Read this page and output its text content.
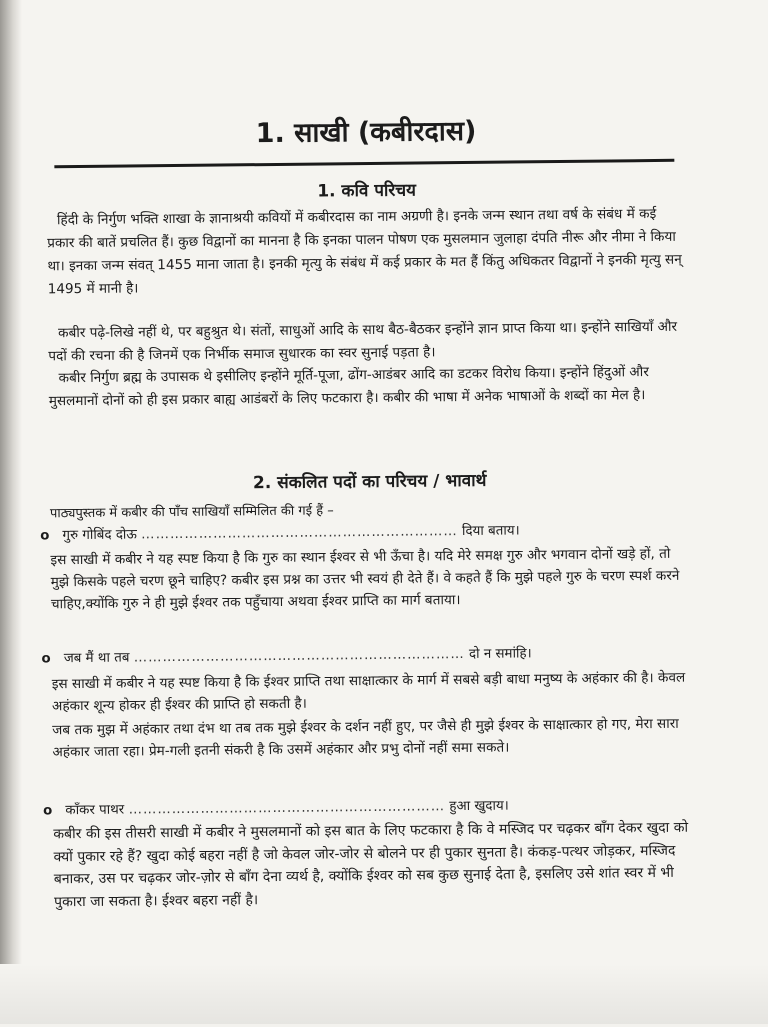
1. साखी (कबीरदास)
1. कवि परिचय

हिंदी के निर्गुण भक्ति शाखा के ज्ञानाश्रयी कवियों में कबीरदास का नाम अग्रणी है। इनके जन्म स्थान तथा वर्ष के संबंध में कई प्रकार की बातें प्रचलित हैं। कुछ विद्वानों का मानना है कि इनका पालन पोषण एक मुसलमान जुलाहा दंपति नीरू और नीमा ने किया था। इनका जन्म संवत् 1455 माना जाता है। इनकी मृत्यु के संबंध में कई प्रकार के मत हैं किंतु अधिकतर विद्वानों ने इनकी मृत्यु सन् 1495 में मानी है।

कबीर पढ़े-लिखे नहीं थे, पर बहुश्रुत थे। संतों, साधुओं आदि के साथ बैठ-बैठकर इन्होंने ज्ञान प्राप्त किया था। इन्होंने साखियाँ और पदों की रचना की है जिनमें एक निर्भीक समाज सुधारक का स्वर सुनाई पड़ता है।

कबीर निर्गुण ब्रह्म के उपासक थे इसीलिए इन्होंने मूर्ति-पूजा, ढोंग-आडंबर आदि का डटकर विरोध किया। इन्होंने हिंदुओं और मुसलमानों दोनों को ही इस प्रकार बाह्य आडंबरों के लिए फटकारा है। कबीर की भाषा में अनेक भाषाओं के शब्दों का मेल है।

2. संकलित पदों का परिचय / भावार्थ

पाठ्यपुस्तक में कबीर की पाँच साखियाँ सम्मिलित की गई हैं –

o गुरु गोबिंद दोऊ ………………………………………………………… दिया बताय।

इस साखी में कबीर ने यह स्पष्ट किया है कि गुरु का स्थान ईश्वर से भी ऊँचा है। यदि मेरे समक्ष गुरु और भगवान दोनों खड़े हों, तो मुझे किसके पहले चरण छूने चाहिए? कबीर इस प्रश्न का उत्तर भी स्वयं ही देते हैं। वे कहते हैं कि मुझे पहले गुरु के चरण स्पर्श करने चाहिए,क्योंकि गुरु ने ही मुझे ईश्वर तक पहुँचाया अथवा ईश्वर प्राप्ति का मार्ग बताया।

o जब मैं था तब …………………………………………………………… दो न समांहि।

इस साखी में कबीर ने यह स्पष्ट किया है कि ईश्वर प्राप्ति तथा साक्षात्कार के मार्ग में सबसे बड़ी बाधा मनुष्य के अहंकार की है। केवल अहंकार शून्य होकर ही ईश्वर की प्राप्ति हो सकती है।

जब तक मुझ में अहंकार तथा दंभ था तब तक मुझे ईश्वर के दर्शन नहीं हुए, पर जैसे ही मुझे ईश्वर के साक्षात्कार हो गए, मेरा सारा अहंकार जाता रहा। प्रेम-गली इतनी संकरी है कि उसमें अहंकार और प्रभु दोनों नहीं समा सकते।

o काँकर पाथर ………………………………………………………… हुआ खुदाय।

कबीर की इस तीसरी साखी में कबीर ने मुसलमानों को इस बात के लिए फटकारा है कि वे मस्जिद पर चढ़कर बाँग देकर खुदा को क्यों पुकार रहे हैं? खुदा कोई बहरा नहीं है जो केवल जोर-जोर से बोलने पर ही पुकार सुनता है। कंकड़-पत्थर जोड़कर, मस्जिद बनाकर, उस पर चढ़कर जोर-ज़ोर से बाँग देना व्यर्थ है, क्योंकि ईश्वर को सब कुछ सुनाई देता है, इसलिए उसे शांत स्वर में भी पुकारा जा सकता है। ईश्वर बहरा नहीं है।
